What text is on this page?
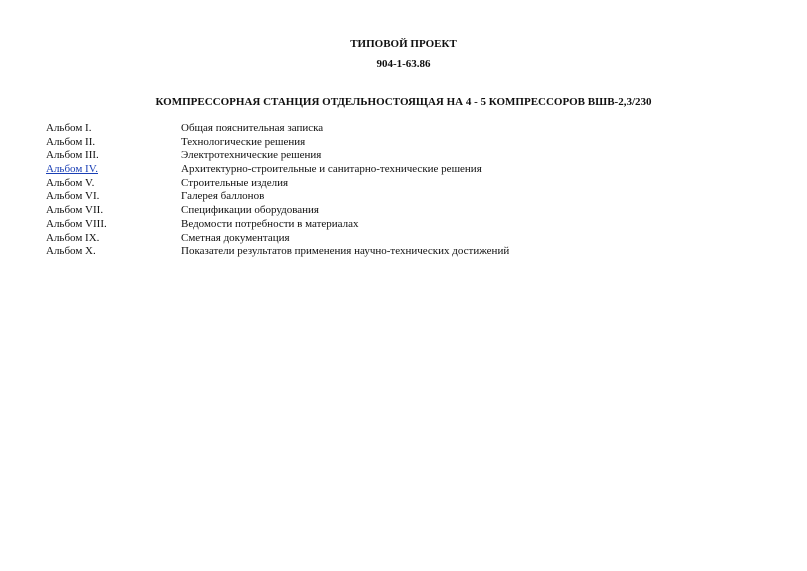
ТИПОВОЙ ПРОЕКТ
904-1-63.86
КОМПРЕССОРНАЯ СТАНЦИЯ ОТДЕЛЬНОСТОЯЩАЯ НА 4 - 5 КОМПРЕССОРОВ ВШВ-2,3/230
Альбом I.	Общая пояснительная записка
Альбом II.	Технологические решения
Альбом III.	Электротехнические решения
Альбом IV.	Архитектурно-строительные и санитарно-технические решения
Альбом V.	Строительные изделия
Альбом VI.	Галерея баллонов
Альбом VII.	Спецификации оборудования
Альбом VIII.	Ведомости потребности в материалах
Альбом IX.	Сметная документация
Альбом X.	Показатели результатов применения научно-технических достижений
